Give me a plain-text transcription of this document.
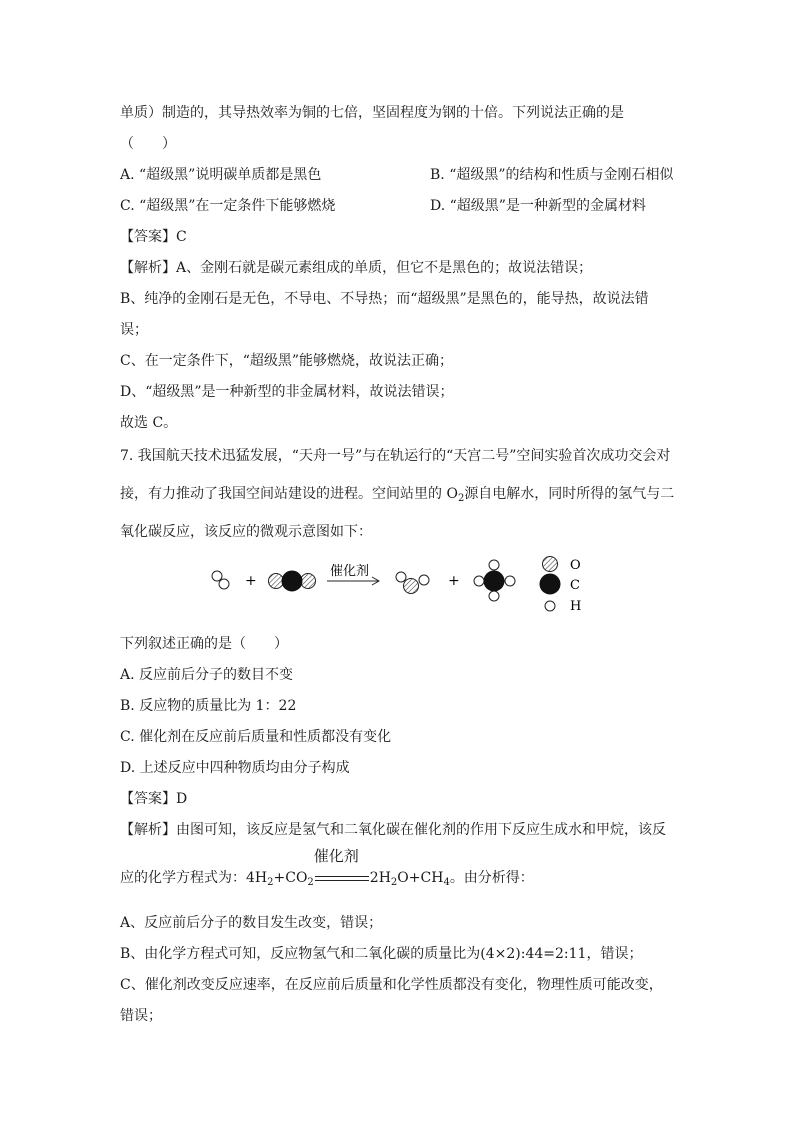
单质）制造的，其导热效率为铜的七倍，坚固程度为钢的十倍。下列说法正确的是
（　　）
A. “超级黑”说明碳单质都是黑色	B. “超级黑”的结构和性质与金刚石相似
C. “超级黑”在一定条件下能够燃烧	D. “超级黑”是一种新型的金属材料
【答案】C
【解析】A、金刚石就是碳元素组成的单质，但它不是黑色的；故说法错误；
B、纯净的金刚石是无色，不导电、不导热；而“超级黑”是黑色的，能导热，故说法错
误；
C、在一定条件下，“超级黑”能够燃烧，故说法正确；
D、“超级黑”是一种新型的非金属材料，故说法错误；
故选 C。
7. 我国航天技术迅猛发展，“天舟一号”与在轨运行的“天宫二号”空间实验首次成功交会对
接，有力推动了我国空间站建设的进程。空间站里的 $O_2$源自电解水，同时所得的氢气与二
氧化碳反应，该反应的微观示意图如下：
+
催化剂
+
O
C
H
下列叙述正确的是（　　）
A. 反应前后分子的数目不变
B. 反应物的质量比为 1：22
C. 催化剂在反应前后质量和性质都没有变化
D. 上述反应中四种物质均由分子构成
【答案】D
【解析】由图可知，该反应是氢气和二氧化碳在催化剂的作用下反应生成水和甲烷，该反
应的化学方程式为：$4H_2+CO_2$
催化剂
$2H_2O+CH_4$。由分析得：
A、反应前后分子的数目发生改变，错误；
B、由化学方程式可知，反应物氢气和二氧化碳的质量比为(4×2):44=2:11，错误；
C、催化剂改变反应速率，在反应前后质量和化学性质都没有变化，物理性质可能改变，
错误；
